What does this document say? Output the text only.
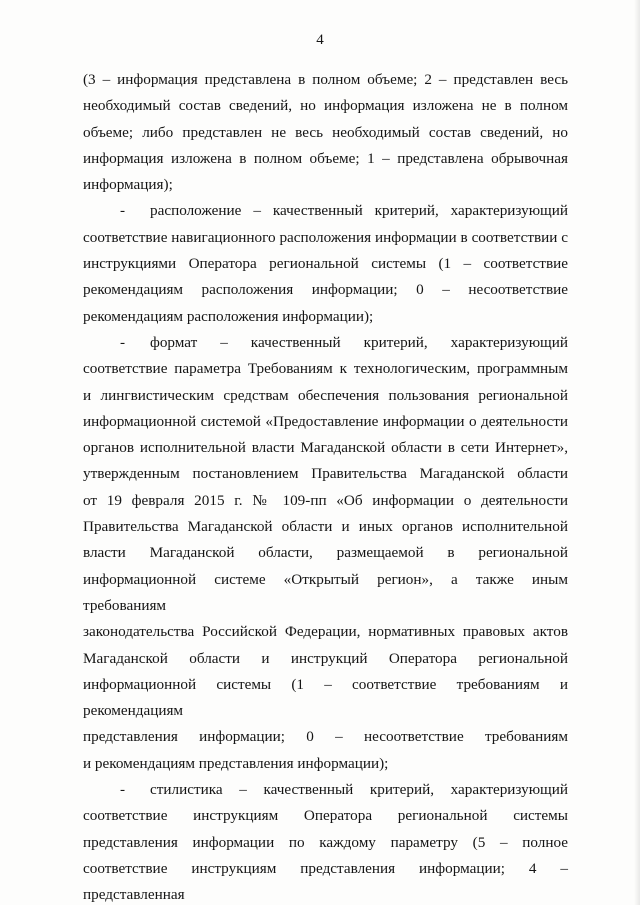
4
(3 – информация представлена в полном объеме; 2 – представлен весь
необходимый состав сведений, но информация изложена не в полном
объеме; либо представлен не весь необходимый состав сведений, но
информация изложена в полном объеме; 1 – представлена обрывочная
информация);
- расположение – качественный критерий, характеризующий
соответствие навигационного расположения информации в соответствии с
инструкциями Оператора региональной системы (1 – соответствие
рекомендациям расположения информации; 0 – несоответствие
рекомендациям расположения информации);
- формат – качественный критерий, характеризующий
соответствие параметра Требованиям к технологическим, программным
и лингвистическим средствам обеспечения пользования региональной
информационной системой «Предоставление информации о деятельности
органов исполнительной власти Магаданской области в сети Интернет»,
утвержденным постановлением Правительства Магаданской области
от 19 февраля 2015 г. № 109-пп «Об информации о деятельности
Правительства Магаданской области и иных органов исполнительной
власти Магаданской области, размещаемой в региональной
информационной системе «Открытый регион», а также иным требованиям
законодательства Российской Федерации, нормативных правовых актов
Магаданской области и инструкций Оператора региональной
информационной системы (1 – соответствие требованиям и рекомендациям
представления информации; 0 – несоответствие требованиям
и рекомендациям представления информации);
- стилистика – качественный критерий, характеризующий
соответствие инструкциям Оператора региональной системы
представления информации по каждому параметру (5 – полное
соответствие инструкциям представления информации; 4 – представленная
